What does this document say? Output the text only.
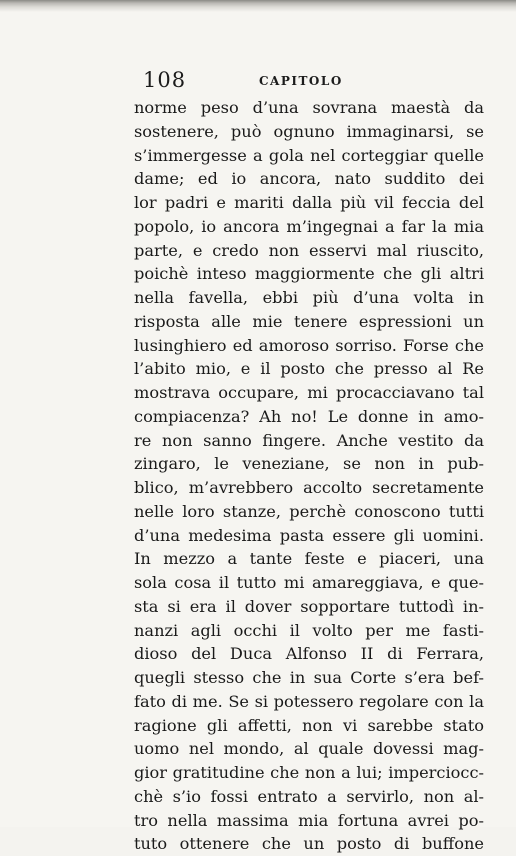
108	CAPITOLO
norme peso d’una sovrana maestà da
sostenere, può ognuno immaginarsi, se
s’immergesse a gola nel corteggiar quelle
dame; ed io ancora, nato suddito dei
lor padri e mariti dalla più vil feccia del
popolo, io ancora m’ingegnai a far la mia
parte, e credo non esservi mal riuscito,
poichè inteso maggiormente che gli altri
nella favella, ebbi più d’una volta in
risposta alle mie tenere espressioni un
lusinghiero ed amoroso sorriso. Forse che
l’abito mio, e il posto che presso al Re
mostrava occupare, mi procacciavano tal
compiacenza? Ah no! Le donne in amo-
re non sanno fingere. Anche vestito da
zingaro, le veneziane, se non in pub-
blico, m’avrebbero accolto secretamente
nelle loro stanze, perchè conoscono tutti
d’una medesima pasta essere gli uomini.
In mezzo a tante feste e piaceri, una
sola cosa il tutto mi amareggiava, e que-
sta si era il dover sopportare tuttodì in-
nanzi agli occhi il volto per me fasti-
dioso del Duca Alfonso II di Ferrara,
quegli stesso che in sua Corte s’era bef-
fato di me. Se si potessero regolare con la
ragione gli affetti, non vi sarebbe stato
uomo nel mondo, al quale dovessi mag-
gior gratitudine che non a lui; imperciocc-
chè s’io fossi entrato a servirlo, non al-
tro nella massima mia fortuna avrei po-
tuto ottenere che un posto di buffone
